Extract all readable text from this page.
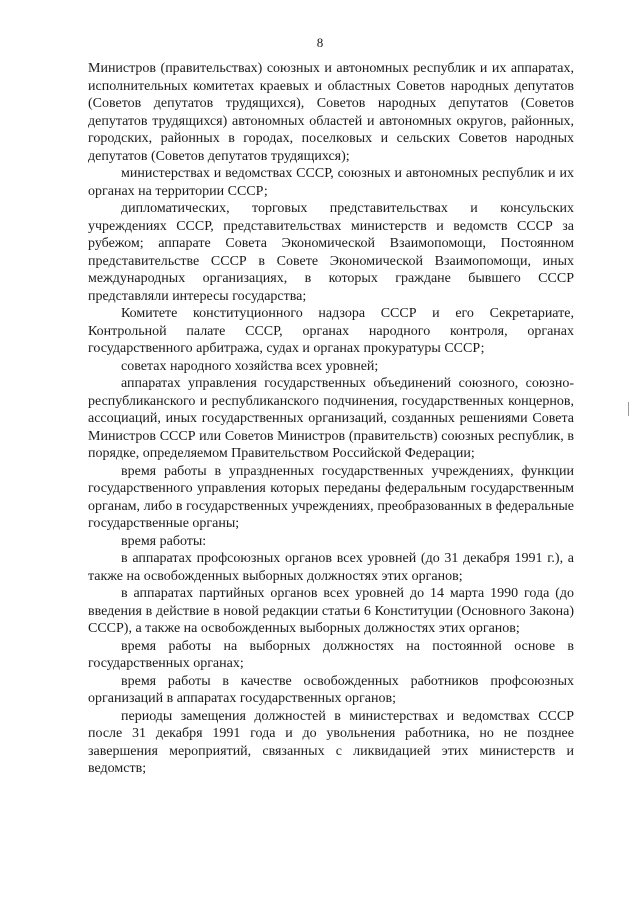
8

Министров (правительствах) союзных и автономных республик и их аппаратах, исполнительных комитетах краевых и областных Советов народных депутатов (Советов депутатов трудящихся), Советов народных депутатов (Советов депутатов трудящихся) автономных областей и автономных округов, районных, городских, районных в городах, поселковых и сельских Советов народных депутатов (Советов депутатов трудящихся);

министерствах и ведомствах СССР, союзных и автономных республик и их органах на территории СССР;

дипломатических, торговых представительствах и консульских учреждениях СССР, представительствах министерств и ведомств СССР за рубежом; аппарате Совета Экономической Взаимопомощи, Постоянном представительстве СССР в Совете Экономической Взаимопомощи, иных международных организациях, в которых граждане бывшего СССР представляли интересы государства;

Комитете конституционного надзора СССР и его Секретариате, Контрольной палате СССР, органах народного контроля, органах государственного арбитража, судах и органах прокуратуры СССР;

советах народного хозяйства всех уровней;

аппаратах управления государственных объединений союзного, союзно-республиканского и республиканского подчинения, государственных концернов, ассоциаций, иных государственных организаций, созданных решениями Совета Министров СССР или Советов Министров (правительств) союзных республик, в порядке, определяемом Правительством Российской Федерации;

время работы в упраздненных государственных учреждениях, функции государственного управления которых переданы федеральным государственным органам, либо в государственных учреждениях, преобразованных в федеральные государственные органы;

время работы:

в аппаратах профсоюзных органов всех уровней (до 31 декабря 1991 г.), а также на освобожденных выборных должностях этих органов;

в аппаратах партийных органов всех уровней до 14 марта 1990 года (до введения в действие в новой редакции статьи 6 Конституции (Основного Закона) СССР), а также на освобожденных выборных должностях этих органов;

время работы на выборных должностях на постоянной основе в государственных органах;

время работы в качестве освобожденных работников профсоюзных организаций в аппаратах государственных органов;

периоды замещения должностей в министерствах и ведомствах СССР после 31 декабря 1991 года и до увольнения работника, но не позднее завершения мероприятий, связанных с ликвидацией этих министерств и ведомств;
